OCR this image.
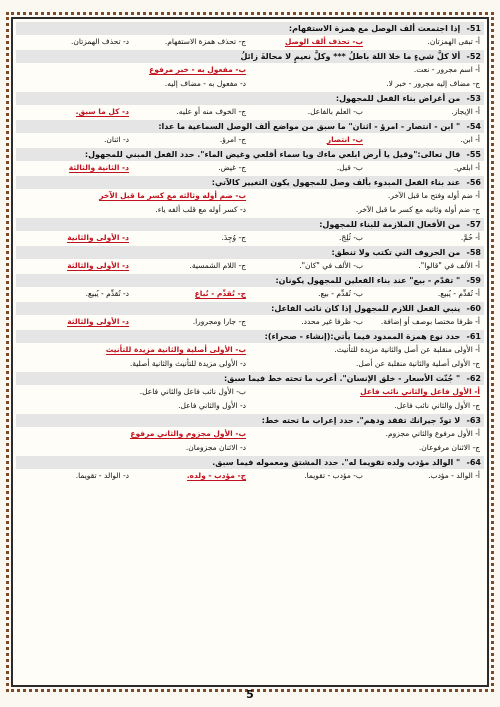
51- إذا اجتمعت ألف الوصل مع همزة الاستفهام:
أ- تبقى الهمزتان.
ب- تحذف ألف الوصل
ج- تحذف همزة الاستفهام.
د- تحذف الهمزتان.
52- ألا كلُّ شيءٍ ما خلا اللهَ باطلُ *** وكلُّ نعيمٍ لا محالةَ زائلُ
أ- اسم مجرور - نعت.
ب- مفعول به - خبر مرفوع
ج- مضاف إليه مجرور - خبر لا.
د- مفعول به - مضاف إليه.
53- من أغراض بناء الفعل للمجهول:
أ- الإيجاز.
ب- العلم بالفاعل.
ج- الخوف منه أو عليه.
د- كل ما سبق.
54- " ابن - انتصار - امرؤ - اثنان" ما سبق من مواضع ألف الوصل السماعية ما عدا:
أ- ابن.
ب- انتصار
ج- امرؤ.
د- اثنان.
55- قال تعالى:"وقيل يا أرض ابلعي ماءك ويا سماء أقلعي وغيض الماء". حدد الفعل المبني للمجهول:
أ- ابلعي.
ب- قيل.
ج- غيض.
د- الثانية والثالثة
56- عند بناء الفعل المبدوء بألف وصل للمجهول يكون التغيير كالآتي:
أ- ضم أوله وفتح ما قبل الآخر.
ب- ضم أوله وثالثه مع كسر ما قبل الآخر
ج- ضم أوله وثانيه مع كسر ما قبل الآخر.
د- كسر أوله مع قلب ألفه ياء.
57- من الأفعال الملازمة للبناء للمجهول:
أ- حُمَّ.
ب- ثُلِجَ.
ج- وُجِدَ.
د- الأولى والثانية
58- من الحروف التي تكتب ولا تنطق:
أ- الألف في "قالوا".
ب- الألف في "كان".
ج- اللام الشمسية.
د- الأولى والثالثة
59- " تقدّم - بيع" عند بناء الفعلين للمجهول يكونان:
أ- تُقدِّم - يُبيع.
ب- تُقدِّم - بيع.
ج- تُقدِّم - تُباع
د- تُقدِّم - يُبيع.
60- ينبي الفعل اللازم للمجهول إذا كان نائب الفاعل:
أ- ظرفا مختصا بوصف أو إضافة.
ب- ظرفا غير محدد.
ج- جارا ومجرورا.
د- الأولى والثالثة
61- حدد نوع همزة الممدود فيما يأتي:(إنشاء - صحراء):
أ- الأولى منقلبة عن أصل والثانية مزيدة للتأنيث.
ب- الأولى أصلية والثانية مزيدة للتأنيث
ج- الأولى أصلية والثانية منقلبة عن أصل.
د- الأولى مزيدة للتأنيث والثانية أصلية.
62- " جُنّت الأسعار - خلق الإنسان". أعرب ما تحته خط فيما سبق:
أ- الأول فاعل والثاني نائب فاعل
ب- الأول نائب فاعل والثاني فاعل.
ج- الأول والثاني نائب فاعل.
د- الأول والثاني فاعل.
63- لا تودّ جيرانك تفقد ودهم". حدد إعراب ما تحته خط:
أ- الأول مرفوع والثاني مجزوم.
ب- الأول مجزوم والثاني مرفوع
ج- الاثنان مرفوعان.
د- الاثنان مجزومان.
64- " الوالد مؤدب ولده تقويما له". حدد المشتق ومعموله فيما سبق.
أ- الوالد - مؤدب.
ب- مؤدب - تقويما.
ج- مؤدب - ولده.
د- الوالد - تقويما.
5
